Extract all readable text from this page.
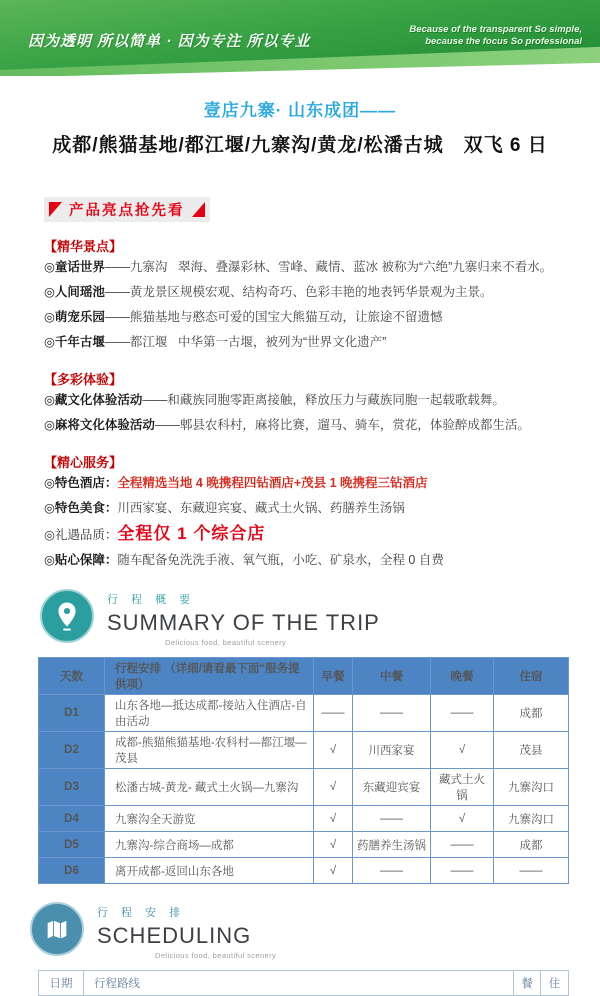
因为透明 所以简单 · 因为专注 所以专业
Because of the transparent So simple,
because the focus So professional
壹店九寨· 山东成团——
成都/熊猫基地/都江堰/九寨沟/黄龙/松潘古城　双飞 6 日
产品亮点抢先看
【精华景点】
◎童话世界——九寨沟 翠海、叠瀑彩林、雪峰、藏情、蓝冰 被称为“六绝”九寨归来不看水。
◎人间瑶池——黄龙景区规模宏观、结构奇巧、色彩丰艳的地表钙华景观为主景。
◎萌宠乐园——熊猫基地与憨态可爱的国宝大熊猫互动，让旅途不留遗憾
◎千年古堰——都江堰 中华第一古堰，被列为“世界文化遗产”
【多彩体验】
◎藏文化体验活动——和藏族同胞零距离接触，释放压力与藏族同胞一起载歌载舞。
◎麻将文化体验活动——郫县农科村，麻将比赛，遛马、骑车，赏花，体验醉成都生活。
【精心服务】
◎特色酒店：全程精选当地 4 晚携程四钻酒店+茂县 1 晚携程三钻酒店
◎特色美食：川西家宴、东藏迎宾宴、藏式土火锅、药膳养生汤锅
◎礼遇品质：全程仅 1 个综合店
◎贴心保障：随车配备免洗洗手液、氧气瓶，小吃、矿泉水，全程 0 自费
行 程 概 要
SUMMARY OF THE TRIP
Delicious food, beautiful scenery
天数	行程安排 （详细/请看最下面“服务提供项）	早餐	中餐	晚餐	住宿
D1	山东各地—抵达成都-接站入住酒店-自由活动	——	——	——	成都
D2	成都-熊猫熊猫基地-农科村—都江堰—茂县	√	川西家宴	√	茂县
D3	松潘古城-黄龙- 藏式土火锅—九寨沟	√	东藏迎宾宴	藏式土火锅	九寨沟口
D4	九寨沟全天游览	√	——	√	九寨沟口
D5	九寨沟-综合商场—成都	√	药膳养生汤锅	——	成都
D6	离开成都-返回山东各地	√	——	——	——
行 程 安 排
SCHEDULING
Delicious food, beautiful scenery
日期	行程路线	餐	住
